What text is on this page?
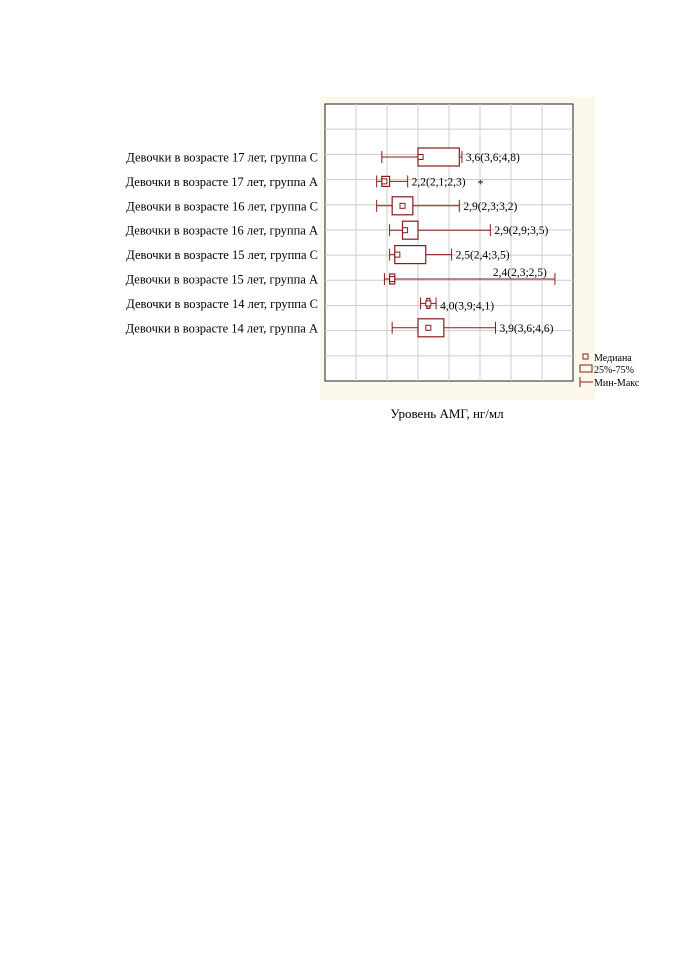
3,6(3,6;4,8)
2,2(2,1;2,3) *
2,9(2,3;3,2)
2,9(2,9;3,5)
2,5(2,4;3,5)
2,4(2,3;2,5)
4,0(3,9;4,1)
3,9(3,6;4,6)
Девочки в возрасте 17 лет, группа С
Девочки в возрасте 17 лет, группа А
Девочки в возрасте 16 лет, группа С
Девочки в возрасте 16 лет, группа А
Девочки в возрасте 15 лет, группа С
Девочки в возрасте 15 лет, группа А
Девочки в возрасте 14 лет, группа С
Девочки в возрасте 14 лет, группа А
Медиана
25%-75%
Мин-Макс
Уровень АМГ, нг/мл
